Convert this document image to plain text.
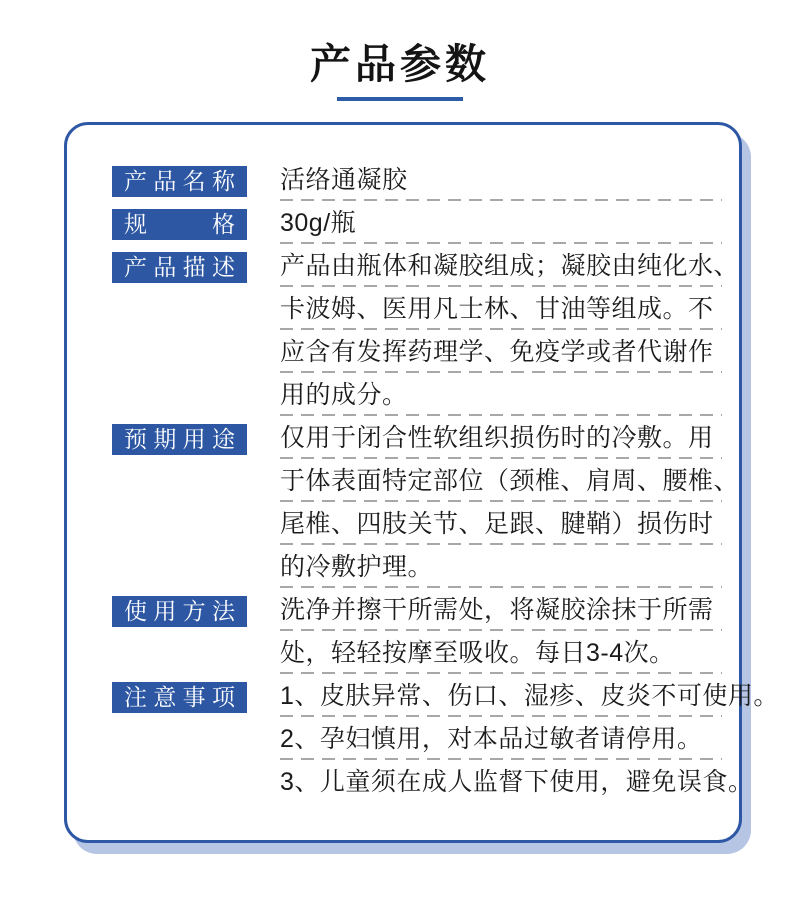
产品参数
产品名称	活络通凝胶
规格	30g/瓶
产品描述	产品由瓶体和凝胶组成；凝胶由纯化水、
卡波姆、医用凡士林、甘油等组成。不
应含有发挥药理学、免疫学或者代谢作
用的成分。
预期用途	仅用于闭合性软组织损伤时的冷敷。用
于体表面特定部位（颈椎、肩周、腰椎、
尾椎、四肢关节、足跟、腱鞘）损伤时
的冷敷护理。
使用方法	洗净并擦干所需处，将凝胶涂抹于所需
处，轻轻按摩至吸收。每日3-4次。
注意事项	1、皮肤异常、伤口、湿疹、皮炎不可使用。
2、孕妇慎用，对本品过敏者请停用。
3、儿童须在成人监督下使用，避免误食。
